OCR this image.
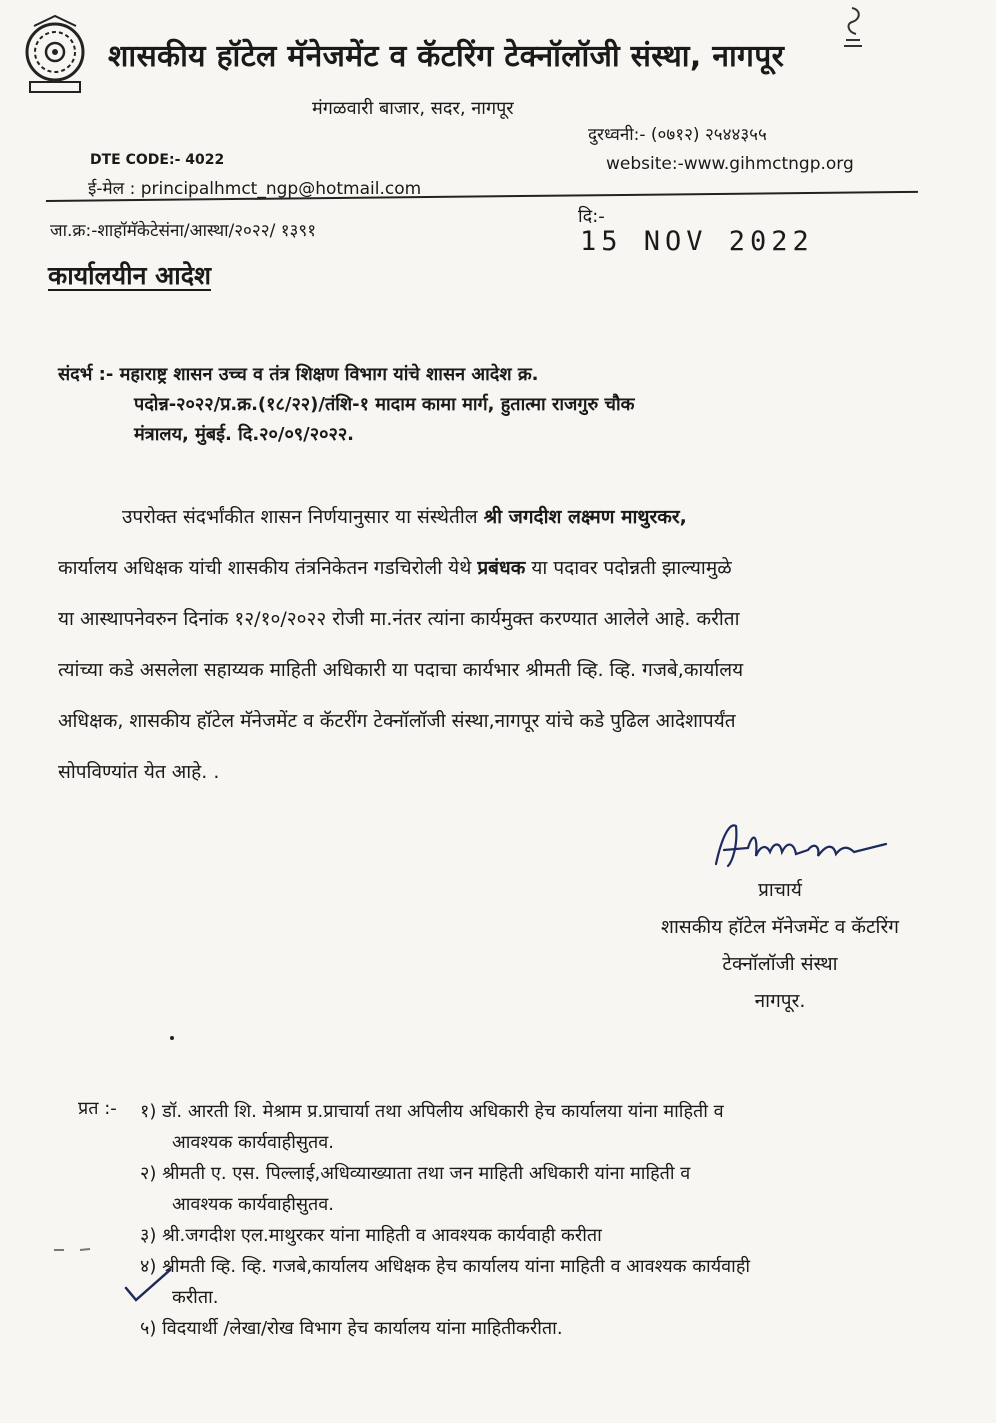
शासकीय हॉटेल मॅनेजमेंट व कॅटरिंग टेक्नॉलॉजी संस्था, नागपूर
मंगळवारी बाजार, सदर, नागपूर
दुरध्वनी:- (०७१२) २५४४३५५
DTE CODE:- 4022	website:-www.gihmctngp.org
ई-मेल : principalhmct_ngp@hotmail.com
जा.क्र:-शाहॉमॅकेटेसंना/आस्था/२०२२/ १३९१
दि:-
15 NOV 2022
कार्यालयीन आदेश
संदर्भ :- महाराष्ट्र शासन उच्च व तंत्र शिक्षण विभाग यांचे शासन आदेश क्र.
पदोन्न-२०२२/प्र.क्र.(१८/२२)/तंशि-१ मादाम कामा मार्ग, हुतात्मा राजगुरु चौक
मंत्रालय, मुंबई. दि.२०/०९/२०२२.
उपरोक्त संदर्भांकीत शासन निर्णयानुसार या संस्थेतील श्री जगदीश लक्ष्मण माथुरकर,
कार्यालय अधिक्षक यांची शासकीय तंत्रनिकेतन गडचिरोली येथे प्रबंधक या पदावर पदोन्नती झाल्यामुळे
या आस्थापनेवरुन दिनांक १२/१०/२०२२ रोजी मा.नंतर त्यांना कार्यमुक्त करण्यात आलेले आहे. करीता
त्यांच्या कडे असलेला सहाय्यक माहिती अधिकारी या पदाचा कार्यभार श्रीमती व्हि. व्हि. गजबे,कार्यालय
अधिक्षक, शासकीय हॉटेल मॅनेजमेंट व कॅटरींग टेक्नॉलॉजी संस्था,नागपूर यांचे कडे पुढिल आदेशापर्यंत
सोपविण्यांत येत आहे. .
प्राचार्य
शासकीय हॉटेल मॅनेजमेंट व कॅटरिंग
टेक्नॉलॉजी संस्था
नागपूर.
प्रत :- १) डॉ. आरती शि. मेश्राम प्र.प्राचार्या तथा अपिलीय अधिकारी हेच कार्यालया यांना माहिती व
आवश्यक कार्यवाहीसुतव.
२) श्रीमती ए. एस. पिल्लाई,अधिव्याख्याता तथा जन माहिती अधिकारी यांना माहिती व
आवश्यक कार्यवाहीसुतव.
३) श्री.जगदीश एल.माथुरकर यांना माहिती व आवश्यक कार्यवाही करीता
४) श्रीमती व्हि. व्हि. गजबे,कार्यालय अधिक्षक हेच कार्यालय यांना माहिती व आवश्यक कार्यवाही
करीता.
५) विदयार्थी /लेखा/रोख विभाग हेच कार्यालय यांना माहितीकरीता.
